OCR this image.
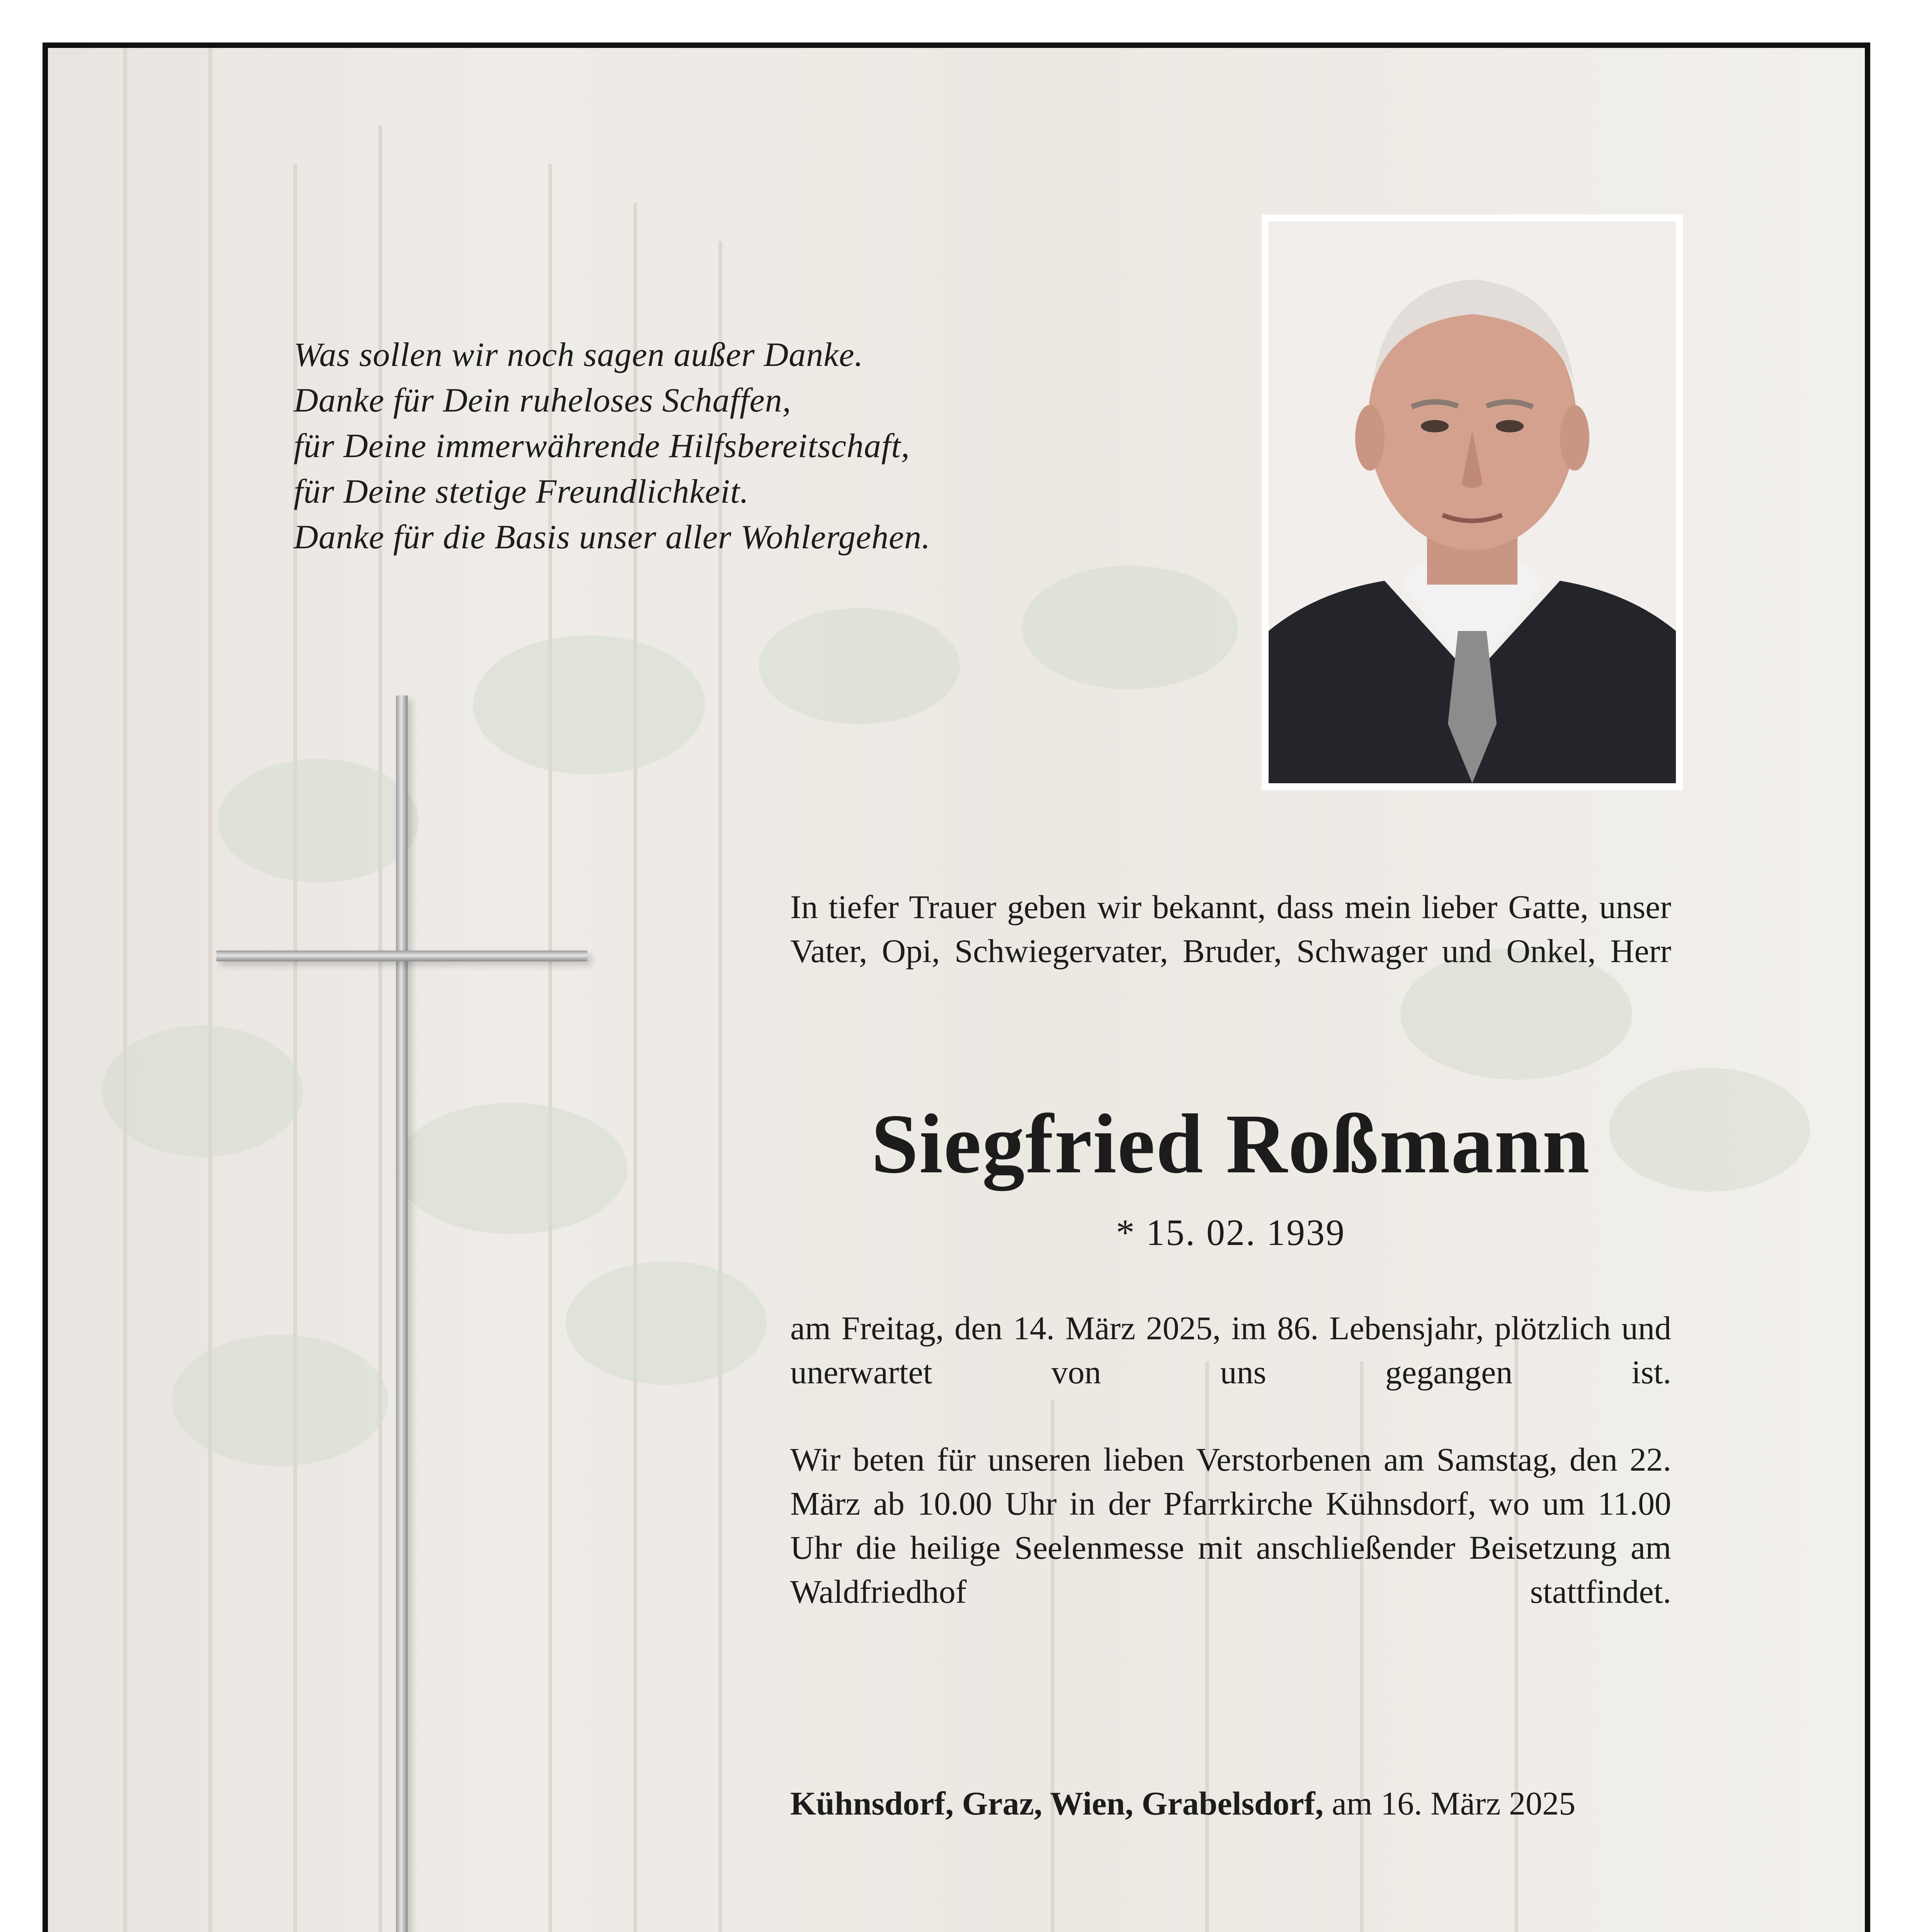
Was sollen wir noch sagen außer Danke.
Danke für Dein ruheloses Schaffen,
für Deine immerwährende Hilfsbereitschaft,
für Deine stetige Freundlichkeit.
Danke für die Basis unser aller Wohlergehen.
In tiefer Trauer geben wir bekannt, dass mein lieber Gatte, unser Vater, Opi, Schwiegervater, Bruder, Schwager und Onkel, Herr
Siegfried Roßmann
* 15. 02. 1939
am Freitag, den 14. März 2025, im 86. Lebensjahr, plötzlich und unerwartet von uns gegangen ist.
Wir beten für unseren lieben Verstorbenen am Samstag, den 22. März ab 10.00 Uhr in der Pfarrkirche Kühnsdorf, wo um 11.00 Uhr die heilige Seelenmesse mit anschließender Beisetzung am Waldfriedhof stattfindet.
Kühnsdorf, Graz, Wien, Grabelsdorf, am 16. März 2025
